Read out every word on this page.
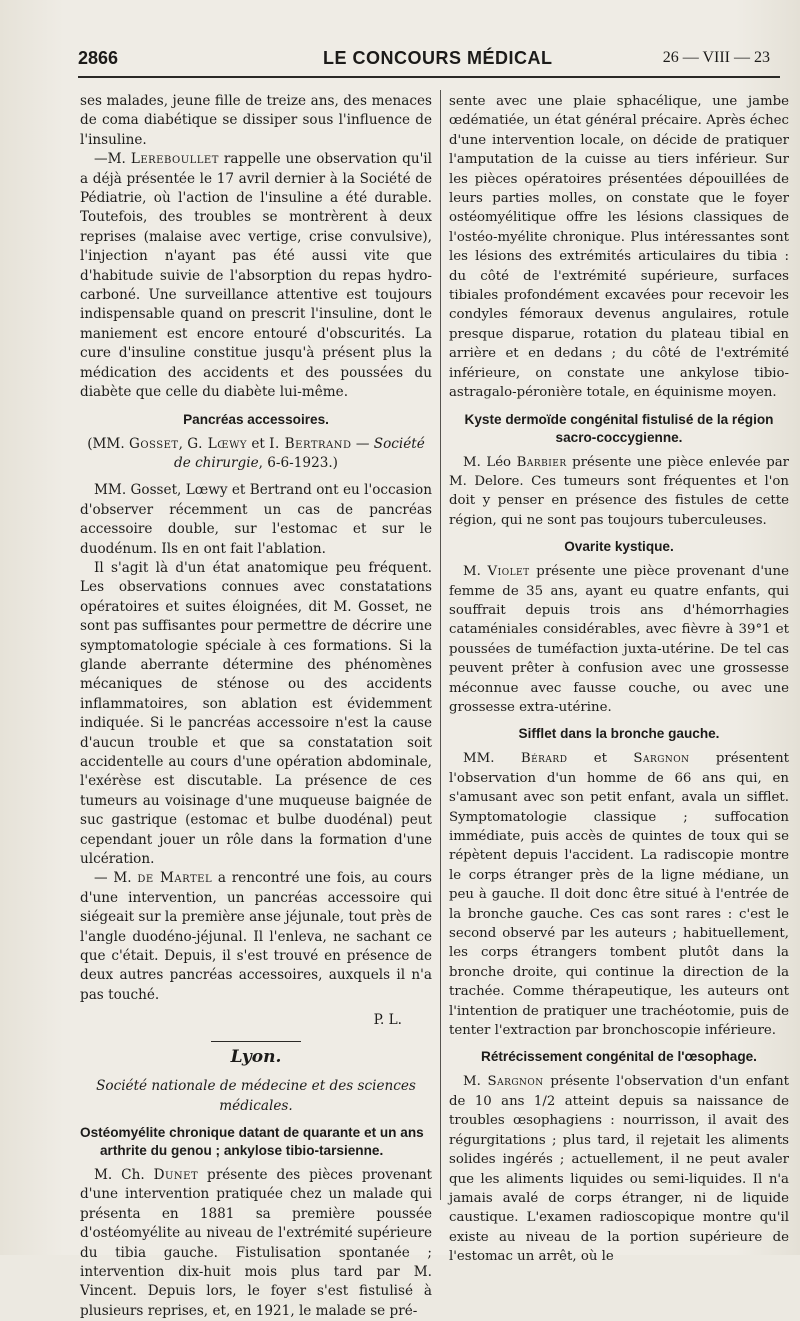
2866	LE CONCOURS MÉDICAL	26 — VIII — 23

ses malades, jeune fille de treize ans, des menaces de coma diabétique se dissiper sous l'influence de l'insuline.

—M. Lereboullet rappelle une observation qu'il a déjà présentée le 17 avril dernier à la Société de Pédiatrie, où l'action de l'insuline a été durable. Toutefois, des troubles se montrèrent à deux reprises (malaise avec vertige, crise convulsive), l'injection n'ayant pas été aussi vite que d'habitude suivie de l'absorption du repas hydro-carboné. Une surveillance attentive est toujours indispensable quand on prescrit l'insuline, dont le maniement est encore entouré d'obscurités. La cure d'insuline constitue jusqu'à présent plus la médication des accidents et des poussées du diabète que celle du diabète lui-même.

Pancréas accessoires.
(MM. Gosset, G. Lœwy et I. Bertrand — Société de chirurgie, 6-6-1923.)

MM. Gosset, Lœwy et Bertrand ont eu l'occasion d'observer récemment un cas de pancréas accessoire double, sur l'estomac et sur le duodénum. Ils en ont fait l'ablation.

Il s'agit là d'un état anatomique peu fréquent. Les observations connues avec constatations opératoires et suites éloignées, dit M. Gosset, ne sont pas suffisantes pour permettre de décrire une symptomatologie spéciale à ces formations. Si la glande aberrante détermine des phénomènes mécaniques de sténose ou des accidents inflammatoires, son ablation est évidemment indiquée. Si le pancréas accessoire n'est la cause d'aucun trouble et que sa constatation soit accidentelle au cours d'une opération abdominale, l'exérèse est discutable. La présence de ces tumeurs au voisinage d'une muqueuse baignée de suc gastrique (estomac et bulbe duodénal) peut cependant jouer un rôle dans la formation d'une ulcération.

— M. de Martel a rencontré une fois, au cours d'une intervention, un pancréas accessoire qui siégeait sur la première anse jéjunale, tout près de l'angle duodéno-jéjunal. Il l'enleva, ne sachant ce que c'était. Depuis, il s'est trouvé en présence de deux autres pancréas accessoires, auxquels il n'a pas touché.

P. L.
Lyon.
Société nationale de médecine et des sciences médicales.
Ostéomyélite chronique datant de quarante et un ans
arthrite du genou ; ankylose tibio-tarsienne.

M. Ch. Dunet présente des pièces provenant d'une intervention pratiquée chez un malade qui présenta en 1881 sa première poussée d'ostéomyélite au niveau de l'extrémité supérieure du tibia gauche. Fistulisation spontanée ; intervention dix-huit mois plus tard par M. Vincent. Depuis lors, le foyer s'est fistulisé à plusieurs reprises, et, en 1921, le malade se pré-

sente avec une plaie sphacélique, une jambe œdématiée, un état général précaire. Après échec d'une intervention locale, on décide de pratiquer l'amputation de la cuisse au tiers inférieur. Sur les pièces opératoires présentées dépouillées de leurs parties molles, on constate que le foyer ostéomyélitique offre les lésions classiques de l'ostéo-myélite chronique. Plus intéressantes sont les lésions des extrémités articulaires du tibia : du côté de l'extrémité supérieure, surfaces tibiales profondément excavées pour recevoir les condyles fémoraux devenus angulaires, rotule presque disparue, rotation du plateau tibial en arrière et en dedans ; du côté de l'extrémité inférieure, on constate une ankylose tibio-astragalo-péronière totale, en équinisme moyen.

Kyste dermoïde congénital fistulisé de la région sacro-coccygienne.

M. Léo Barbier présente une pièce enlevée par M. Delore. Ces tumeurs sont fréquentes et l'on doit y penser en présence des fistules de cette région, qui ne sont pas toujours tuberculeuses.

Ovarite kystique.

M. Violet présente une pièce provenant d'une femme de 35 ans, ayant eu quatre enfants, qui souffrait depuis trois ans d'hémorrhagies cataméniales considérables, avec fièvre à 39°1 et poussées de tuméfaction juxta-utérine. De tel cas peuvent prêter à confusion avec une grossesse méconnue avec fausse couche, ou avec une grossesse extra-utérine.

Sifflet dans la bronche gauche.

MM. Bérard et Sargnon présentent l'observation d'un homme de 66 ans qui, en s'amusant avec son petit enfant, avala un sifflet. Symptomatologie classique ; suffocation immédiate, puis accès de quintes de toux qui se répètent depuis l'accident. La radiscopie montre le corps étranger près de la ligne médiane, un peu à gauche. Il doit donc être situé à l'entrée de la bronche gauche. Ces cas sont rares : c'est le second observé par les auteurs ; habituellement, les corps étrangers tombent plutôt dans la bronche droite, qui continue la direction de la trachée. Comme thérapeutique, les auteurs ont l'intention de pratiquer une trachéotomie, puis de tenter l'extraction par bronchoscopie inférieure.

Rétrécissement congénital de l'œsophage.

M. Sargnon présente l'observation d'un enfant de 10 ans 1/2 atteint depuis sa naissance de troubles œsophagiens : nourrisson, il avait des régurgitations ; plus tard, il rejetait les aliments solides ingérés ; actuellement, il ne peut avaler que les aliments liquides ou semi-liquides. Il n'a jamais avalé de corps étranger, ni de liquide caustique. L'examen radioscopique montre qu'il existe au niveau de la portion supérieure de l'estomac un arrêt, où le
